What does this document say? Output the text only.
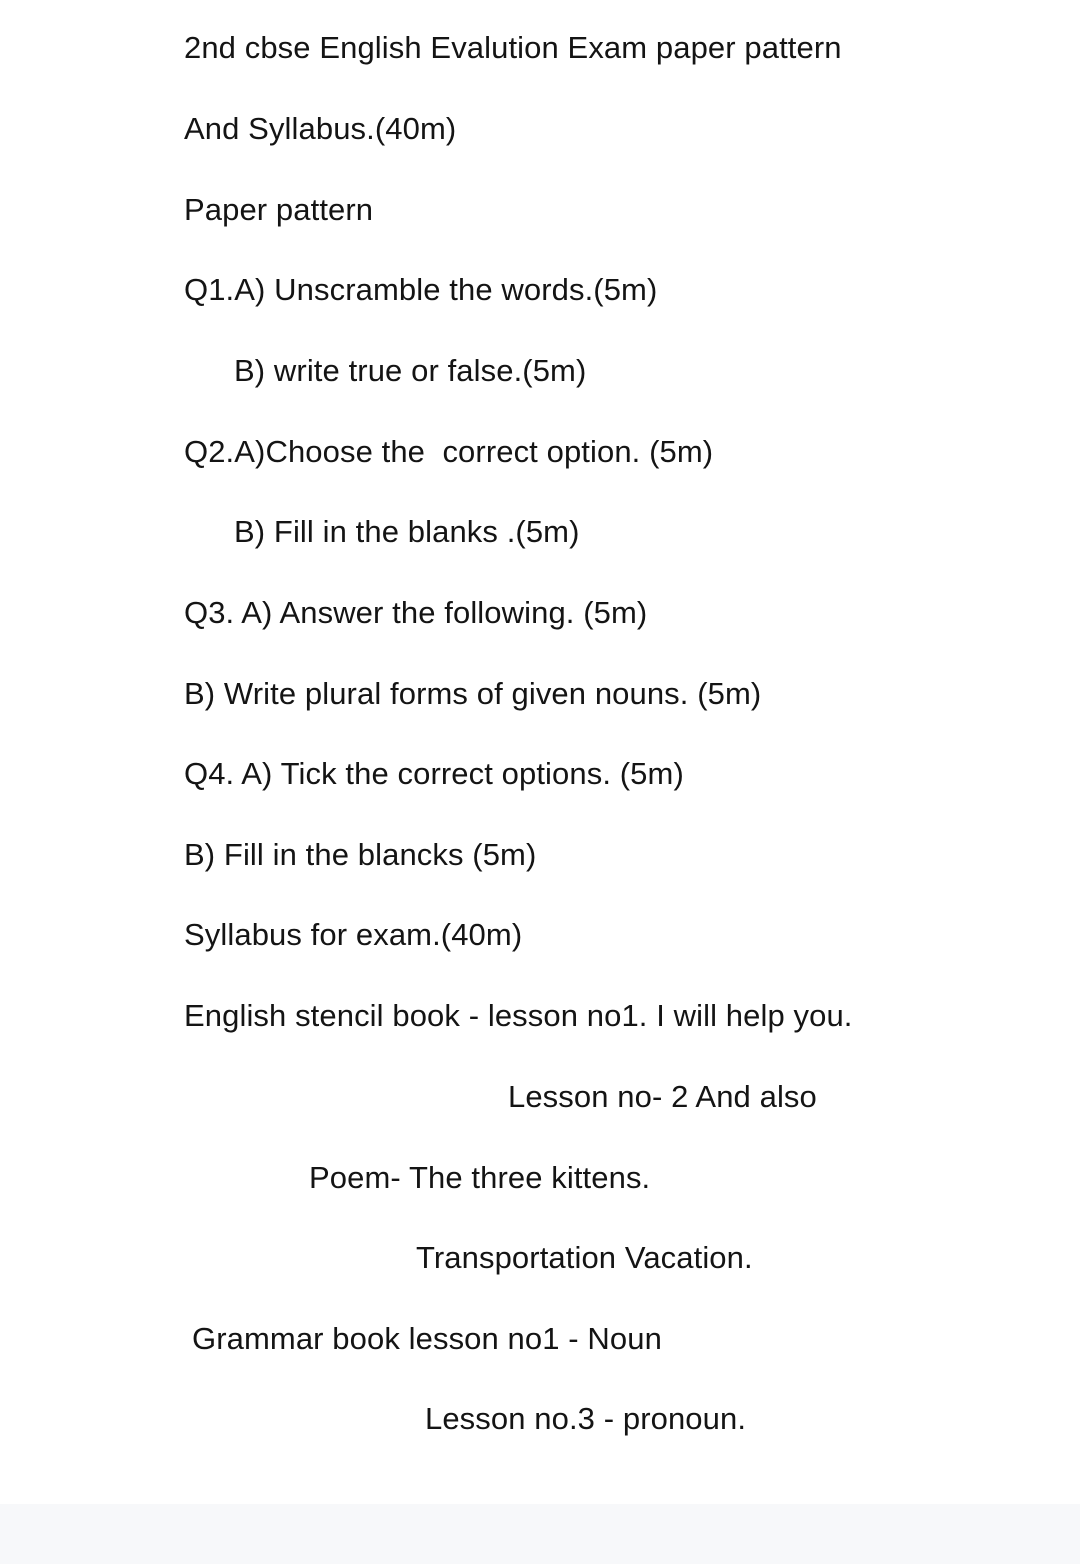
2nd cbse English Evalution Exam paper pattern
And Syllabus.(40m)
Paper pattern
Q1.A) Unscramble the words.(5m)
B) write true or false.(5m)
Q2.A)Choose the  correct option. (5m)
B) Fill in the blanks .(5m)
Q3. A) Answer the following. (5m)
B) Write plural forms of given nouns. (5m)
Q4. A) Tick the correct options. (5m)
B) Fill in the blancks (5m)
Syllabus for exam.(40m)
English stencil book - lesson no1. I will help you.
Lesson no- 2 And also
Poem- The three kittens.
Transportation Vacation.
Grammar book lesson no1 - Noun
Lesson no.3 - pronoun.
